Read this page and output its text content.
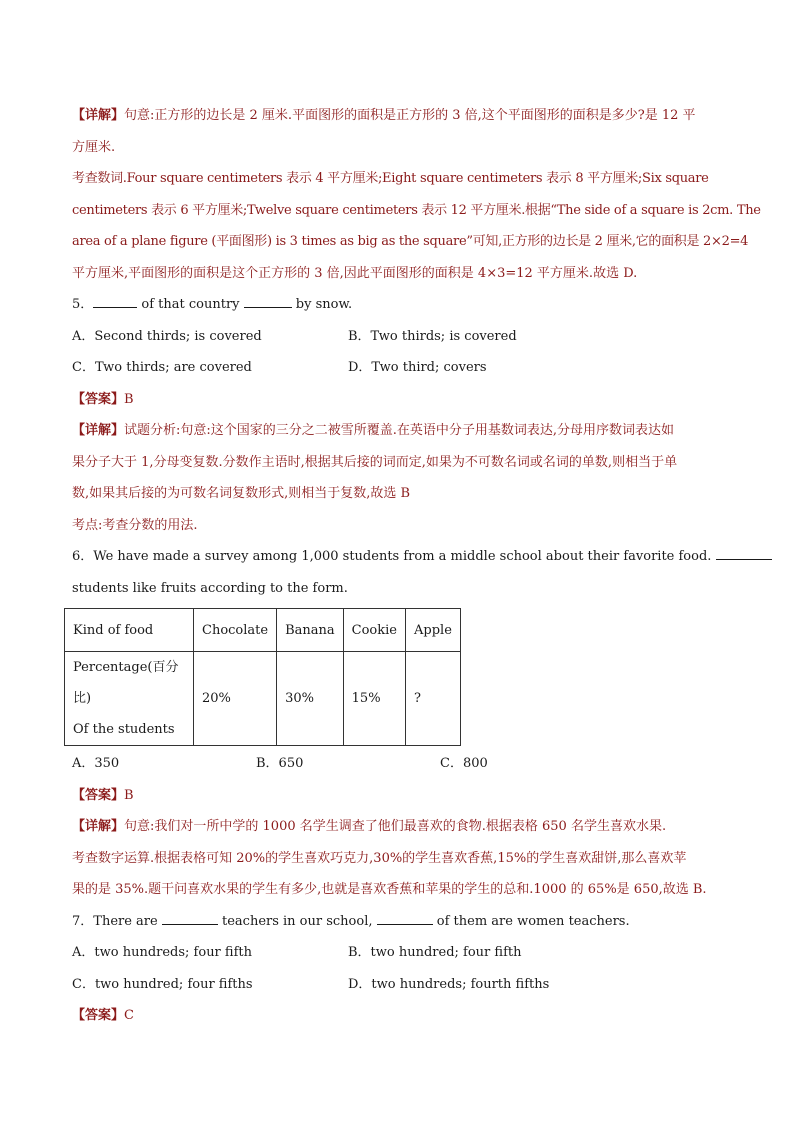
【详解】句意:正方形的边长是 2 厘米.平面图形的面积是正方形的 3 倍,这个平面图形的面积是多少?是 12 平
方厘米.
考查数词.Four square centimeters 表示 4 平方厘米;Eight square centimeters 表示 8 平方厘米;Six square
centimeters 表示 6 平方厘米;Twelve square centimeters 表示 12 平方厘米.根据“The side of a square is 2cm. The
area of a plane figure (平面图形) is 3 times as big as the square”可知,正方形的边长是 2 厘米,它的面积是 2×2=4
平方厘米,平面图形的面积是这个正方形的 3 倍,因此平面图形的面积是 4×3=12 平方厘米.故选 D.
5．	of that country	by snow.
A．Second thirds; is covered	B．Two thirds; is covered
C．Two thirds; are covered	D．Two third; covers
【答案】B
【详解】试题分析:句意:这个国家的三分之二被雪所覆盖.在英语中分子用基数词表达,分母用序数词表达如
果分子大于 1,分母变复数.分数作主语时,根据其后接的词而定,如果为不可数名词或名词的单数,则相当于单
数,如果其后接的为可数名词复数形式,则相当于复数,故选 B
考点:考查分数的用法.
6．We have made a survey among 1,000 students from a middle school about their favorite food.
students like fruits according to the form.
Kind of food	Chocolate	Banana	Cookie	Apple

Percentage(百分比)
Of the students	20%	30%	15%	?
A．350	B．650	C．800
【答案】B
【详解】句意:我们对一所中学的 1000 名学生调查了他们最喜欢的食物.根据表格 650 名学生喜欢水果.
考查数字运算.根据表格可知 20%的学生喜欢巧克力,30%的学生喜欢香蕉,15%的学生喜欢甜饼,那么喜欢苹
果的是 35%.题干问喜欢水果的学生有多少,也就是喜欢香蕉和苹果的学生的总和.1000 的 65%是 650,故选 B.
7．There are	teachers in our school,	of them are women teachers.
A．two hundreds; four fifth	B．two hundred; four fifth
C．two hundred; four fifths	D．two hundreds; fourth fifths
【答案】C
